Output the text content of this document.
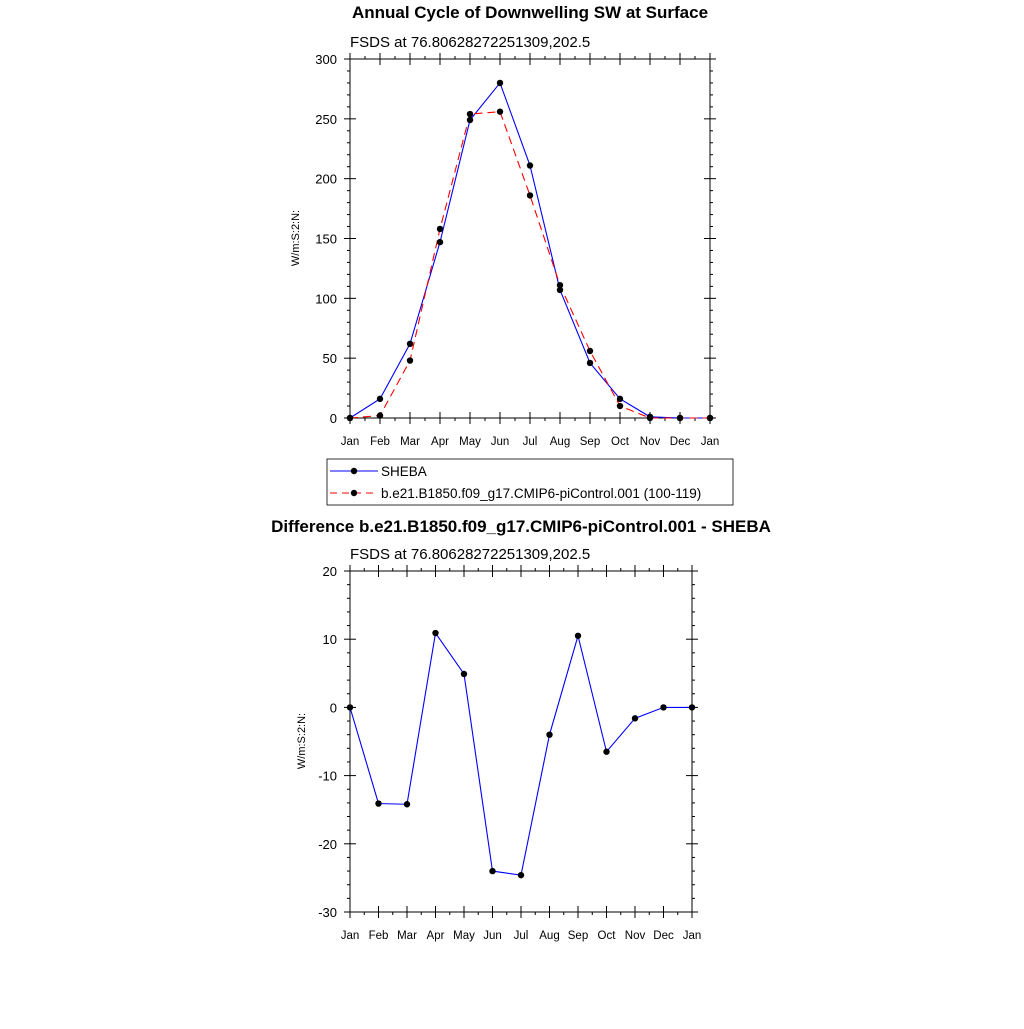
Annual Cycle of Downwelling SW at Surface
FSDS at 76.80628272251309,202.5
W/m:S:2:N:
Jan Feb Mar Apr May Jun Jul Aug Sep Oct Nov Dec Jan
0
50
100
150
200
250
300
SHEBA
b.e21.B1850.f09_g17.CMIP6-piControl.001 (100-119)
Difference b.e21.B1850.f09_g17.CMIP6-piControl.001 - SHEBA
FSDS at 76.80628272251309,202.5
W/m:S:2:N:
Jan Feb Mar Apr May Jun Jul Aug Sep Oct Nov Dec Jan
-30
-20
-10
0
10
20
